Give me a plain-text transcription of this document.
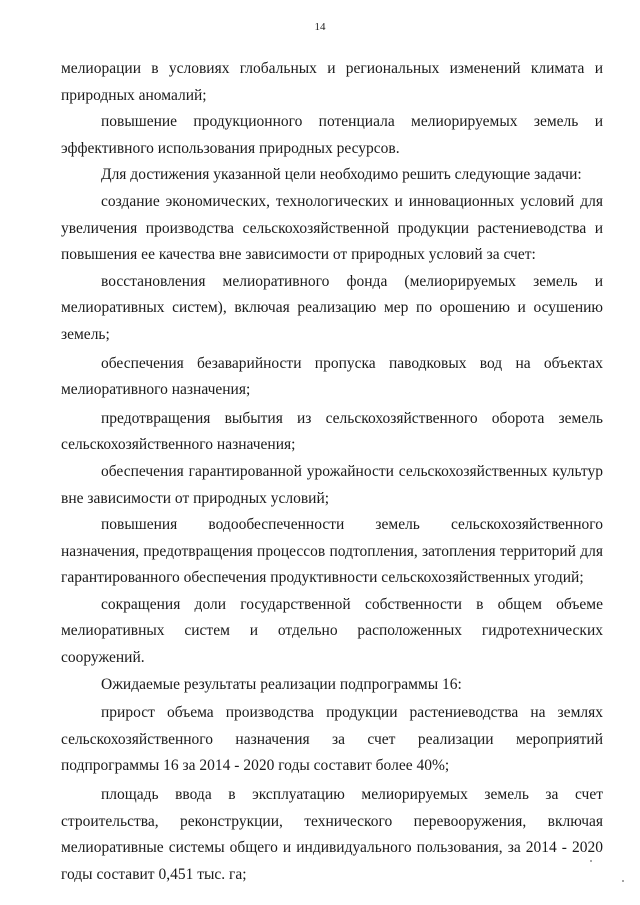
14

мелиорации в условиях глобальных и региональных изменений климата и природных аномалий;

повышение продукционного потенциала мелиорируемых земель и эффективного использования природных ресурсов.

Для достижения указанной цели необходимо решить следующие задачи:

создание экономических, технологических и инновационных условий для увеличения производства сельскохозяйственной продукции растениеводства и повышения ее качества вне зависимости от природных условий за счет:

восстановления мелиоративного фонда (мелиорируемых земель и мелиоративных систем), включая реализацию мер по орошению и осушению земель;

обеспечения безаварийности пропуска паводковых вод на объектах мелиоративного назначения;

предотвращения выбытия из сельскохозяйственного оборота земель сельскохозяйственного назначения;

обеспечения гарантированной урожайности сельскохозяйственных культур вне зависимости от природных условий;

повышения водообеспеченности земель сельскохозяйственного назначения, предотвращения процессов подтопления, затопления территорий для гарантированного обеспечения продуктивности сельскохозяйственных угодий;

сокращения доли государственной собственности в общем объеме мелиоративных систем и отдельно расположенных гидротехнических сооружений.

Ожидаемые результаты реализации подпрограммы 16:

прирост объема производства продукции растениеводства на землях сельскохозяйственного назначения за счет реализации мероприятий подпрограммы 16 за 2014 - 2020 годы составит более 40%;

площадь ввода в эксплуатацию мелиорируемых земель за счет строительства, реконструкции, технического перевооружения, включая мелиоративные системы общего и индивидуального пользования, за 2014 - 2020 годы составит 0,451 тыс. га;
